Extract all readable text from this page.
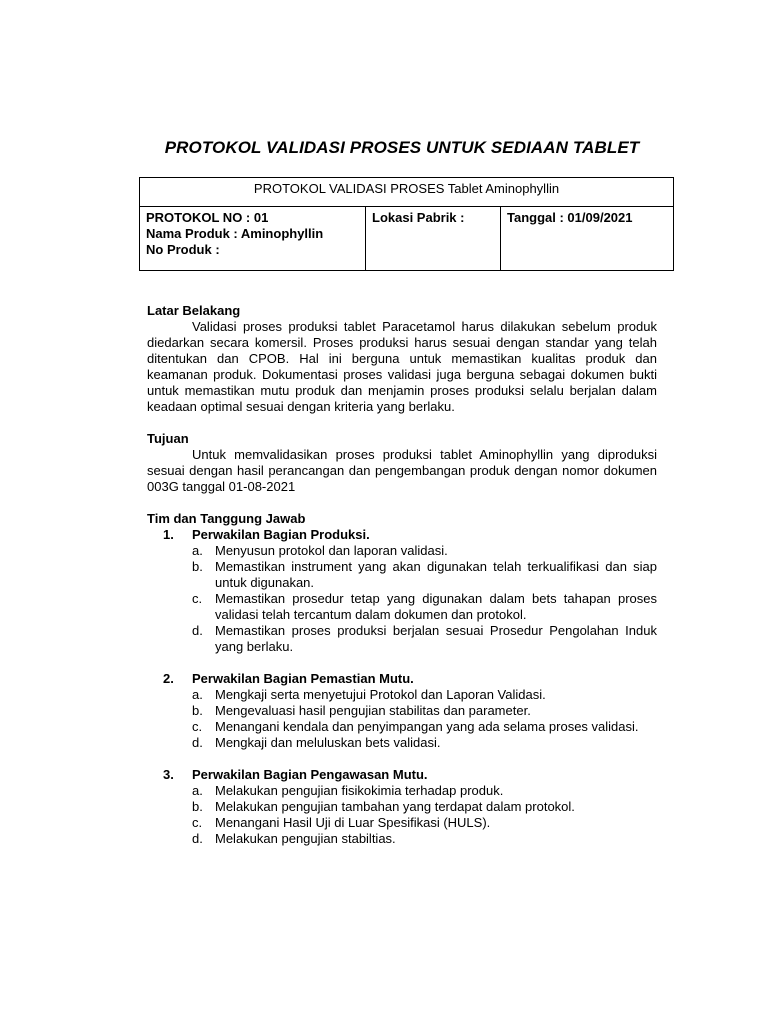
PROTOKOL VALIDASI PROSES UNTUK SEDIAAN TABLET
PROTOKOL VALIDASI PROSES Tablet Aminophyllin

PROTOKOL NO : 01
Nama Produk : Aminophyllin
No Produk :
	Lokasi Pabrik :	Tanggal : 01/09/2021
Latar Belakang

Validasi proses produksi tablet Paracetamol harus dilakukan sebelum produk diedarkan secara komersil. Proses produksi harus sesuai dengan standar yang telah ditentukan dan CPOB. Hal ini berguna untuk memastikan kualitas produk dan keamanan produk. Dokumentasi proses validasi juga berguna sebagai dokumen bukti untuk memastikan mutu produk dan menjamin proses produksi selalu berjalan dalam keadaan optimal sesuai dengan kriteria yang berlaku.

Tujuan

Untuk memvalidasikan proses produksi tablet Aminophyllin yang diproduksi sesuai dengan hasil perancangan dan pengembangan produk dengan nomor dokumen 003G tanggal 01-08-2021

Tim dan Tanggung Jawab
1.	Perwakilan Bagian Produksi.
a. Menyusun protokol dan laporan validasi.
b. Memastikan instrument yang akan digunakan telah terkualifikasi dan siap untuk digunakan.
c. Memastikan prosedur tetap yang digunakan dalam bets tahapan proses validasi telah tercantum dalam dokumen dan protokol.
d. Memastikan proses produksi berjalan sesuai Prosedur Pengolahan Induk yang berlaku.
2.	Perwakilan Bagian Pemastian Mutu.
a. Mengkaji serta menyetujui Protokol dan Laporan Validasi.
b. Mengevaluasi hasil pengujian stabilitas dan parameter.
c. Menangani kendala dan penyimpangan yang ada selama proses validasi.
d. Mengkaji dan meluluskan bets validasi.
3.	Perwakilan Bagian Pengawasan Mutu.
a. Melakukan pengujian fisikokimia terhadap produk.
b. Melakukan pengujian tambahan yang terdapat dalam protokol.
c. Menangani Hasil Uji di Luar Spesifikasi (HULS).
d. Melakukan pengujian stabiltias.
